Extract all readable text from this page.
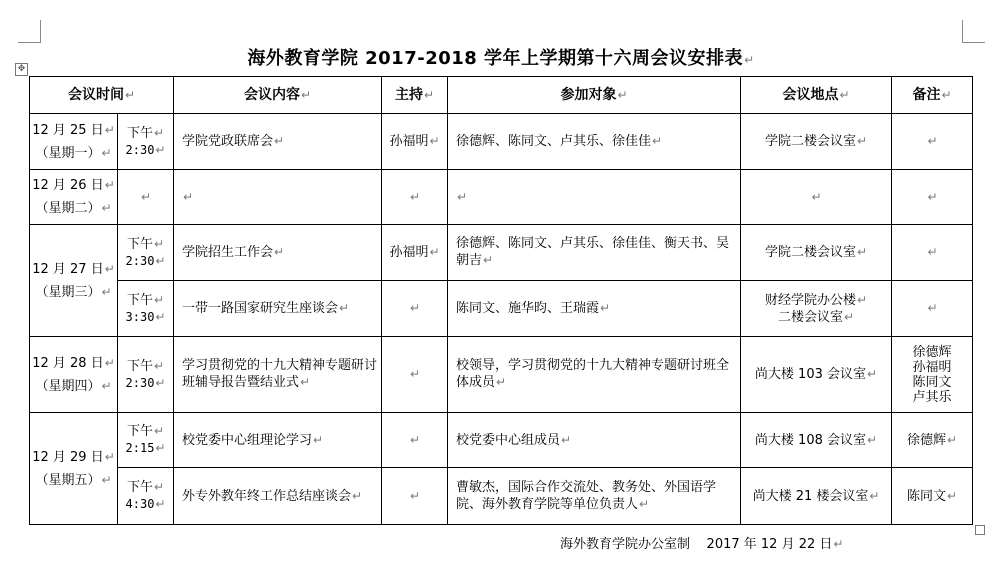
海外教育学院 2017-2018 学年上学期第十六周会议安排表↵
✥
会议时间↵		会议内容↵	主持↵	参加对象↵	会议地点↵	备注↵
12 月 25 日↵
（星期一）↵	下午↵
2:30↵	学院党政联席会↵	孙福明↵	徐德辉、陈同文、卢其乐、徐佳佳↵	学院二楼会议室↵	↵
12 月 26 日↵
（星期二）↵	↵	↵	↵	↵	↵	↵
12 月 27 日↵
（星期三）↵	下午↵
2:30↵	学院招生工作会↵	孙福明↵	徐德辉、陈同文、卢其乐、徐佳佳、衡天书、吴朝吉↵	学院二楼会议室↵	↵
	下午↵
3:30↵	一带一路国家研究生座谈会↵	↵	陈同文、施华昀、王瑞霞↵	财经学院办公楼↵
二楼会议室↵	↵
12 月 28 日↵
（星期四）↵	下午↵
2:30↵	学习贯彻党的十九大精神专题研讨班辅导报告暨结业式↵	↵	校领导，学习贯彻党的十九大精神专题研讨班全体成员↵	尚大楼 103 会议室↵	徐德辉
孙福明
陈同文
卢其乐

12 月 29 日↵
（星期五）↵	下午↵
2:15↵	校党委中心组理论学习↵	↵	校党委中心组成员↵	尚大楼 108 会议室↵	徐德辉↵
	下午↵
4:30↵	外专外教年终工作总结座谈会↵	↵	曹敏杰，国际合作交流处、教务处、外国语学院、海外教育学院等单位负责人↵	尚大楼 21 楼会议室↵	陈同文↵
海外教育学院办公室制 2017 年 12 月 22 日↵
